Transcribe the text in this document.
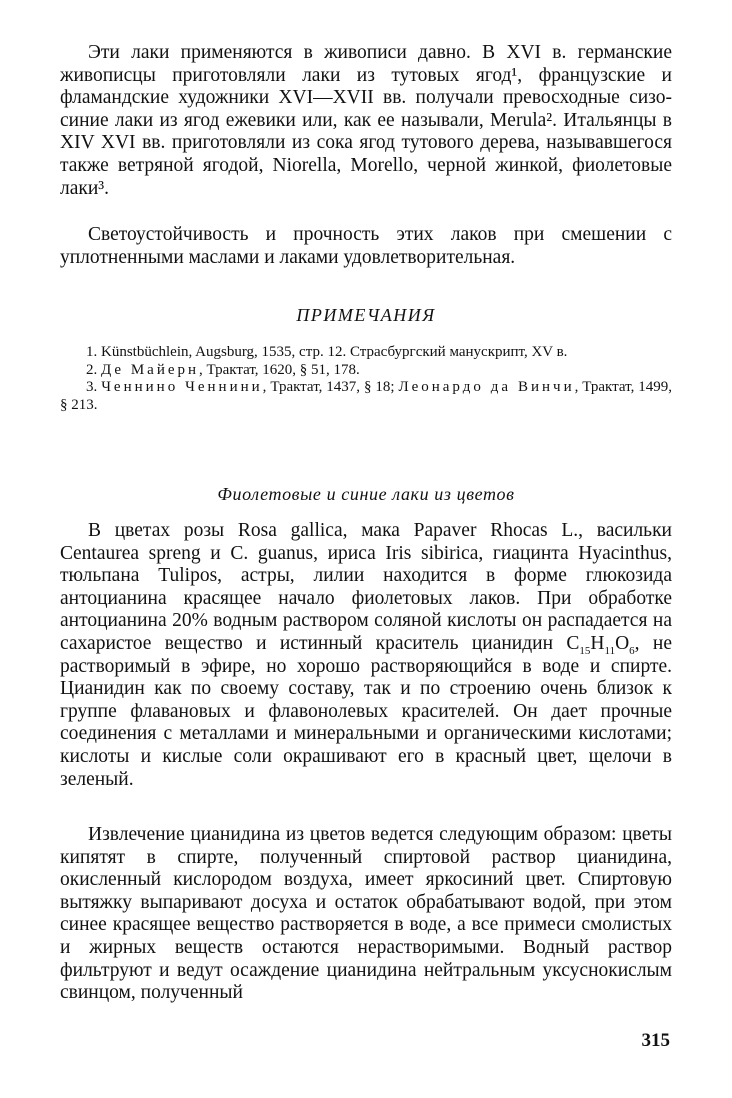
Эти лаки применяются в живописи давно. В XVI в. германские живописцы приготовляли лаки из тутовых ягод¹, французские и фламандские художники XVI—XVII вв. получали превосходные сизо-синие лаки из ягод ежевики или, как ее называли, Merula². Итальянцы в XIV XVI вв. приготовляли из сока ягод тутового дерева, называвшегося также ветряной ягодой, Niorella, Morello, черной жинкой, фиолетовые лаки³.

Светоустойчивость и прочность этих лаков при смешении с уплотненными маслами и лаками удовлетворительная.

ПРИМЕЧАНИЯ

1. Künstbüchlein, Augsburg, 1535, стр. 12. Страсбургский манускрипт, XV в.
2. Де Майерн, Трактат, 1620, § 51, 178.
3. Ченнино Ченнини, Трактат, 1437, § 18; Леонардо да Винчи, Трактат, 1499, § 213.

Фиолетовые и синие лаки из цветов

В цветах розы Rosa gallica, мака Papaver Rhocas L., васильки Centaurea spreng и C. guanus, ириса Iris sibirica, гиацинта Hyacinthus, тюльпана Tulipos, астры, лилии находится в форме глюкозида антоцианина красящее начало фиолетовых лаков. При обработке антоцианина 20% водным раствором соляной кислоты он распадается на сахаристое вещество и истинный краситель цианидин $C_{15}H_{11}O_6$, не растворимый в эфире, но хорошо растворяющийся в воде и спирте. Цианидин как по своему составу, так и по строению очень близок к группе флавановых и флавонолевых красителей. Он дает прочные соединения с металлами и минеральными и органическими кислотами; кислоты и кислые соли окрашивают его в красный цвет, щелочи в зеленый.

Извлечение цианидина из цветов ведется следующим образом: цветы кипятят в спирте, полученный спиртовой раствор цианидина, окисленный кислородом воздуха, имеет яркосиний цвет. Спиртовую вытяжку выпаривают досуха и остаток обрабатывают водой, при этом синее красящее вещество растворяется в воде, а все примеси смолистых и жирных веществ остаются нерастворимыми. Водный раствор фильтруют и ведут осаждение цианидина нейтральным уксуснокислым свинцом, полученный

315
